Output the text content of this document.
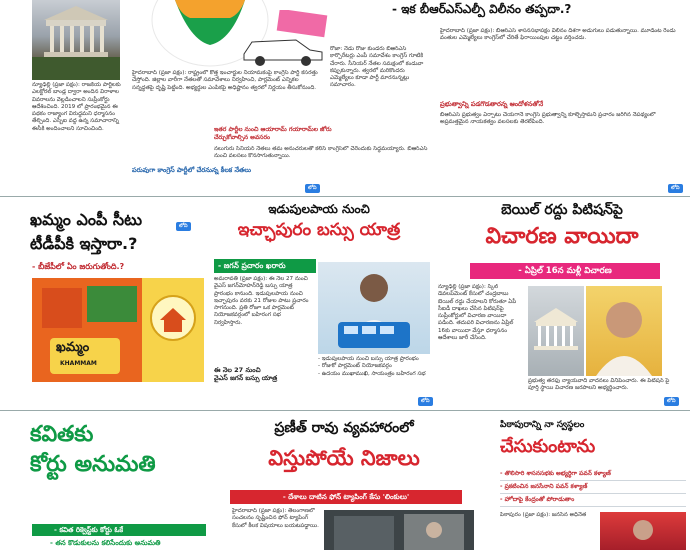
న్యూఢిల్లీ (ప్రజా పక్షం): రాజకీయ పార్టీలకు ఎలక్టోరల్ బాండ్ల ద్వారా అందిన విరాళాల వివరాలను వెల్లడించాలని సుప్రీంకోర్టు ఆదేశించింది. 2019 లో ప్రారంభమైన ఈ పథకం రాజ్యాంగ విరుద్ధమని ధర్మాసనం తేల్చింది. ఎస్బీఐ వద్ద ఉన్న సమాచారాన్ని ఈసీకి అందించాలని సూచించింది.

హైదరాబాద్ (ప్రజా పక్షం): రాష్ట్రంలో కొత్త ఇంచార్జుల నియామకంపై కాంగ్రెస్ పార్టీ కసరత్తు చేస్తోంది. జిల్లాల వారీగా నేతలతో సమావేశాలు నిర్వహించి, పార్లమెంట్ ఎన్నికల సన్నద్ధతపై దృష్టి పెట్టింది. అభ్యర్థుల ఎంపికపై అధిష్టానం త్వరలో నిర్ణయం తీసుకోనుంది.

పరువుగా కాంగ్రెస్ పార్టీలో చేరనున్న కీలక నేతలు
లోని

రోజా: నేడు రోజు కుండరు బీఆర్ఎస్ కార్పొరేటర్లు ఎంపీ సమావేశం కాంగ్రెస్ గూటికి చేరారు. సీనియర్ నేతల సమక్షంలో కండువా కప్పుకున్నారు. త్వరలో మరికొందరు ఎమ్మెల్యేలు కూడా పార్టీ మారనున్నట్లు సమాచారం.

ఇతర పార్టీల నుంచి ఆయారామ్ గయారామ్‌ల జోరు
చేర్చుకోవాల్సిన అవసరం

నలుగురు సీనియర్ నేతలు తమ అనుచరులతో కలిసి కాంగ్రెస్‌లో చేరేందుకు సిద్ధమయ్యారు. బీఆర్ఎస్ నుంచి వలసలు కొనసాగుతున్నాయి.

- ఇక బీఆర్ఎస్ఎల్పీ విలీనం తప్పదా.?

హైదరాబాద్ (ప్రజా పక్షం): బీఆర్ఎస్ శాసనసభాపక్షం విలీనం దిశగా అడుగులు పడుతున్నాయి. మూడింట రెండు వంతుల ఎమ్మెల్యేలు కాంగ్రెస్‌లో చేరితే ఫిరాయింపుల చట్టం వర్తించదు.

ప్రభుత్వాన్ని పడగొడతారన్న ఆందోళనతోనే

బీఆర్ఎస్ ప్రభుత్వం ఏర్పాటు చేయగానే కాంగ్రెస్ ప్రభుత్వాన్ని కూల్చేస్తామని ప్రచారం జరిగిన నేపథ్యంలో అప్రమత్తమైన నాయకత్వం వలసలకు తెరలేపింది.

లోని
ఖమ్మం ఎంపీ సీటు
టీడీపీకి ఇస్తారా.?
లోని
- బీజేపీలో ఏం జరుగుతోంది.?
ఖమ్మం
KHAMMAM
ఇడుపులపాయ నుంచి
ఇచ్ఛాపురం బస్సు యాత్ర
- జగన్ ప్రచారం ఖరారు

అమరావతి (ప్రజా పక్షం): ఈ నెల 27 నుంచి వైఎస్ జగన్‌మోహన్‌రెడ్డి బస్సు యాత్ర ప్రారంభం కానుంది. ఇడుపులపాయ నుంచి ఇచ్ఛాపురం వరకు 21 రోజుల పాటు ప్రచారం సాగనుంది. ప్రతి రోజూ ఒక పార్లమెంట్ నియోజకవర్గంలో బహిరంగ సభ నిర్వహిస్తారు.

ఈ నెల 27 నుంచి
వైఎస్ జగన్ బస్సు యాత్ర
- ఇడుపులపాయ నుంచి బస్సు యాత్ర ప్రారంభం
- రోజుకో పార్లమెంట్ నియోజకవర్గం
- ఉదయం ముఖాముఖి, సాయంత్రం బహిరంగ సభ
లోని
బెయిల్ రద్దు పిటిషన్‌పై
విచారణ వాయిదా
- ఏప్రిల్ 16న మళ్లీ విచారణ

న్యూఢిల్లీ (ప్రజా పక్షం): స్కిల్ డెవలప్‌మెంట్ కేసులో చంద్రబాబు బెయిల్ రద్దు చేయాలని కోరుతూ ఏపీ సీఐడీ దాఖలు చేసిన పిటిషన్‌పై సుప్రీంకోర్టులో విచారణ వాయిదా పడింది. తదుపరి విచారణను ఏప్రిల్ 16కు వాయిదా వేస్తూ ధర్మాసనం ఆదేశాలు జారీ చేసింది.

ప్రభుత్వ తరఫు న్యాయవాది వాదనలు వినిపించారు. ఈ పిటిషన్ పై పూర్తి స్థాయి విచారణ జరపాలని అభ్యర్థించారు.

లోని
కవితకు
కోర్టు అనుమతి
- కవిత రిక్వెస్ట్‌కు కోర్టు ఓకే
- తన కొడుకులను కలిసేందుకు అనుమతి
ప్రణీత్ రావు వ్యవహారంలో
విస్తుపోయే నిజాలు
- దేశాలు దాటిన ఫోన్ ట్యాపింగ్ కేసు 'లింకులు'

హైదరాబాద్ (ప్రజా పక్షం): తెలంగాణలో సంచలనం సృష్టించిన ఫోన్ ట్యాపింగ్ కేసులో కీలక విషయాలు బయటపడ్డాయి.

పిఠాపురాన్ని నా స్వస్థలం
చేసుకుంటాను
- తొలిసారి శాసనసభకు అభ్యర్థిగా పవన్ కళ్యాణ్
- ప్రకటించిన జనసేనాని పవన్ కళ్యాణ్
- హోదాపై కేంద్రంతో పోరాడుతాం

పిఠాపురం (ప్రజా పక్షం): జనసేన అధినేత
